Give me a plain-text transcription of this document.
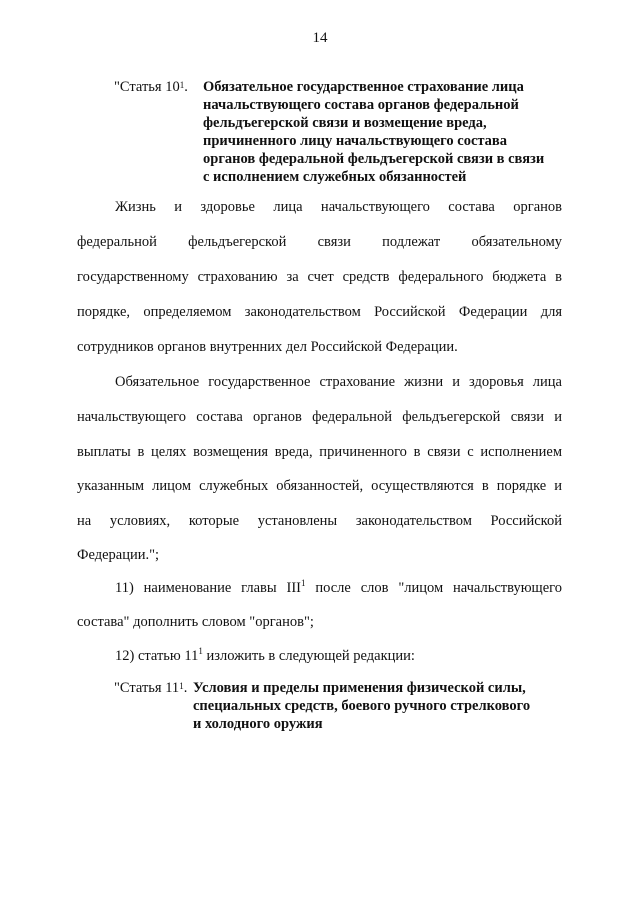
14
"Статья $10^1$. Обязательное государственное страхование лица
начальствующего состава органов федеральной
фельдъегерской связи и возмещение вреда,
причиненного лицу начальствующего состава
органов федеральной фельдъегерской связи в связи
с исполнением служебных обязанностей
Жизнь и здоровье лица начальствующего состава органов
федеральной фельдъегерской связи подлежат обязательному
государственному страхованию за счет средств федерального бюджета в
порядке, определяемом законодательством Российской Федерации для
сотрудников органов внутренних дел Российской Федерации.
Обязательное государственное страхование жизни и здоровья лица
начальствующего состава органов федеральной фельдъегерской связи и
выплаты в целях возмещения вреда, причиненного в связи с исполнением
указанным лицом служебных обязанностей, осуществляются в порядке и
на условиях, которые установлены законодательством Российской
Федерации.";
11) наименование главы III$^1$ после слов "лицом начальствующего
состава" дополнить словом "органов";
12) статью $11^1$ изложить в следующей редакции:
"Статья $11^1$. Условия и пределы применения физической силы,
специальных средств, боевого ручного стрелкового
и холодного оружия
